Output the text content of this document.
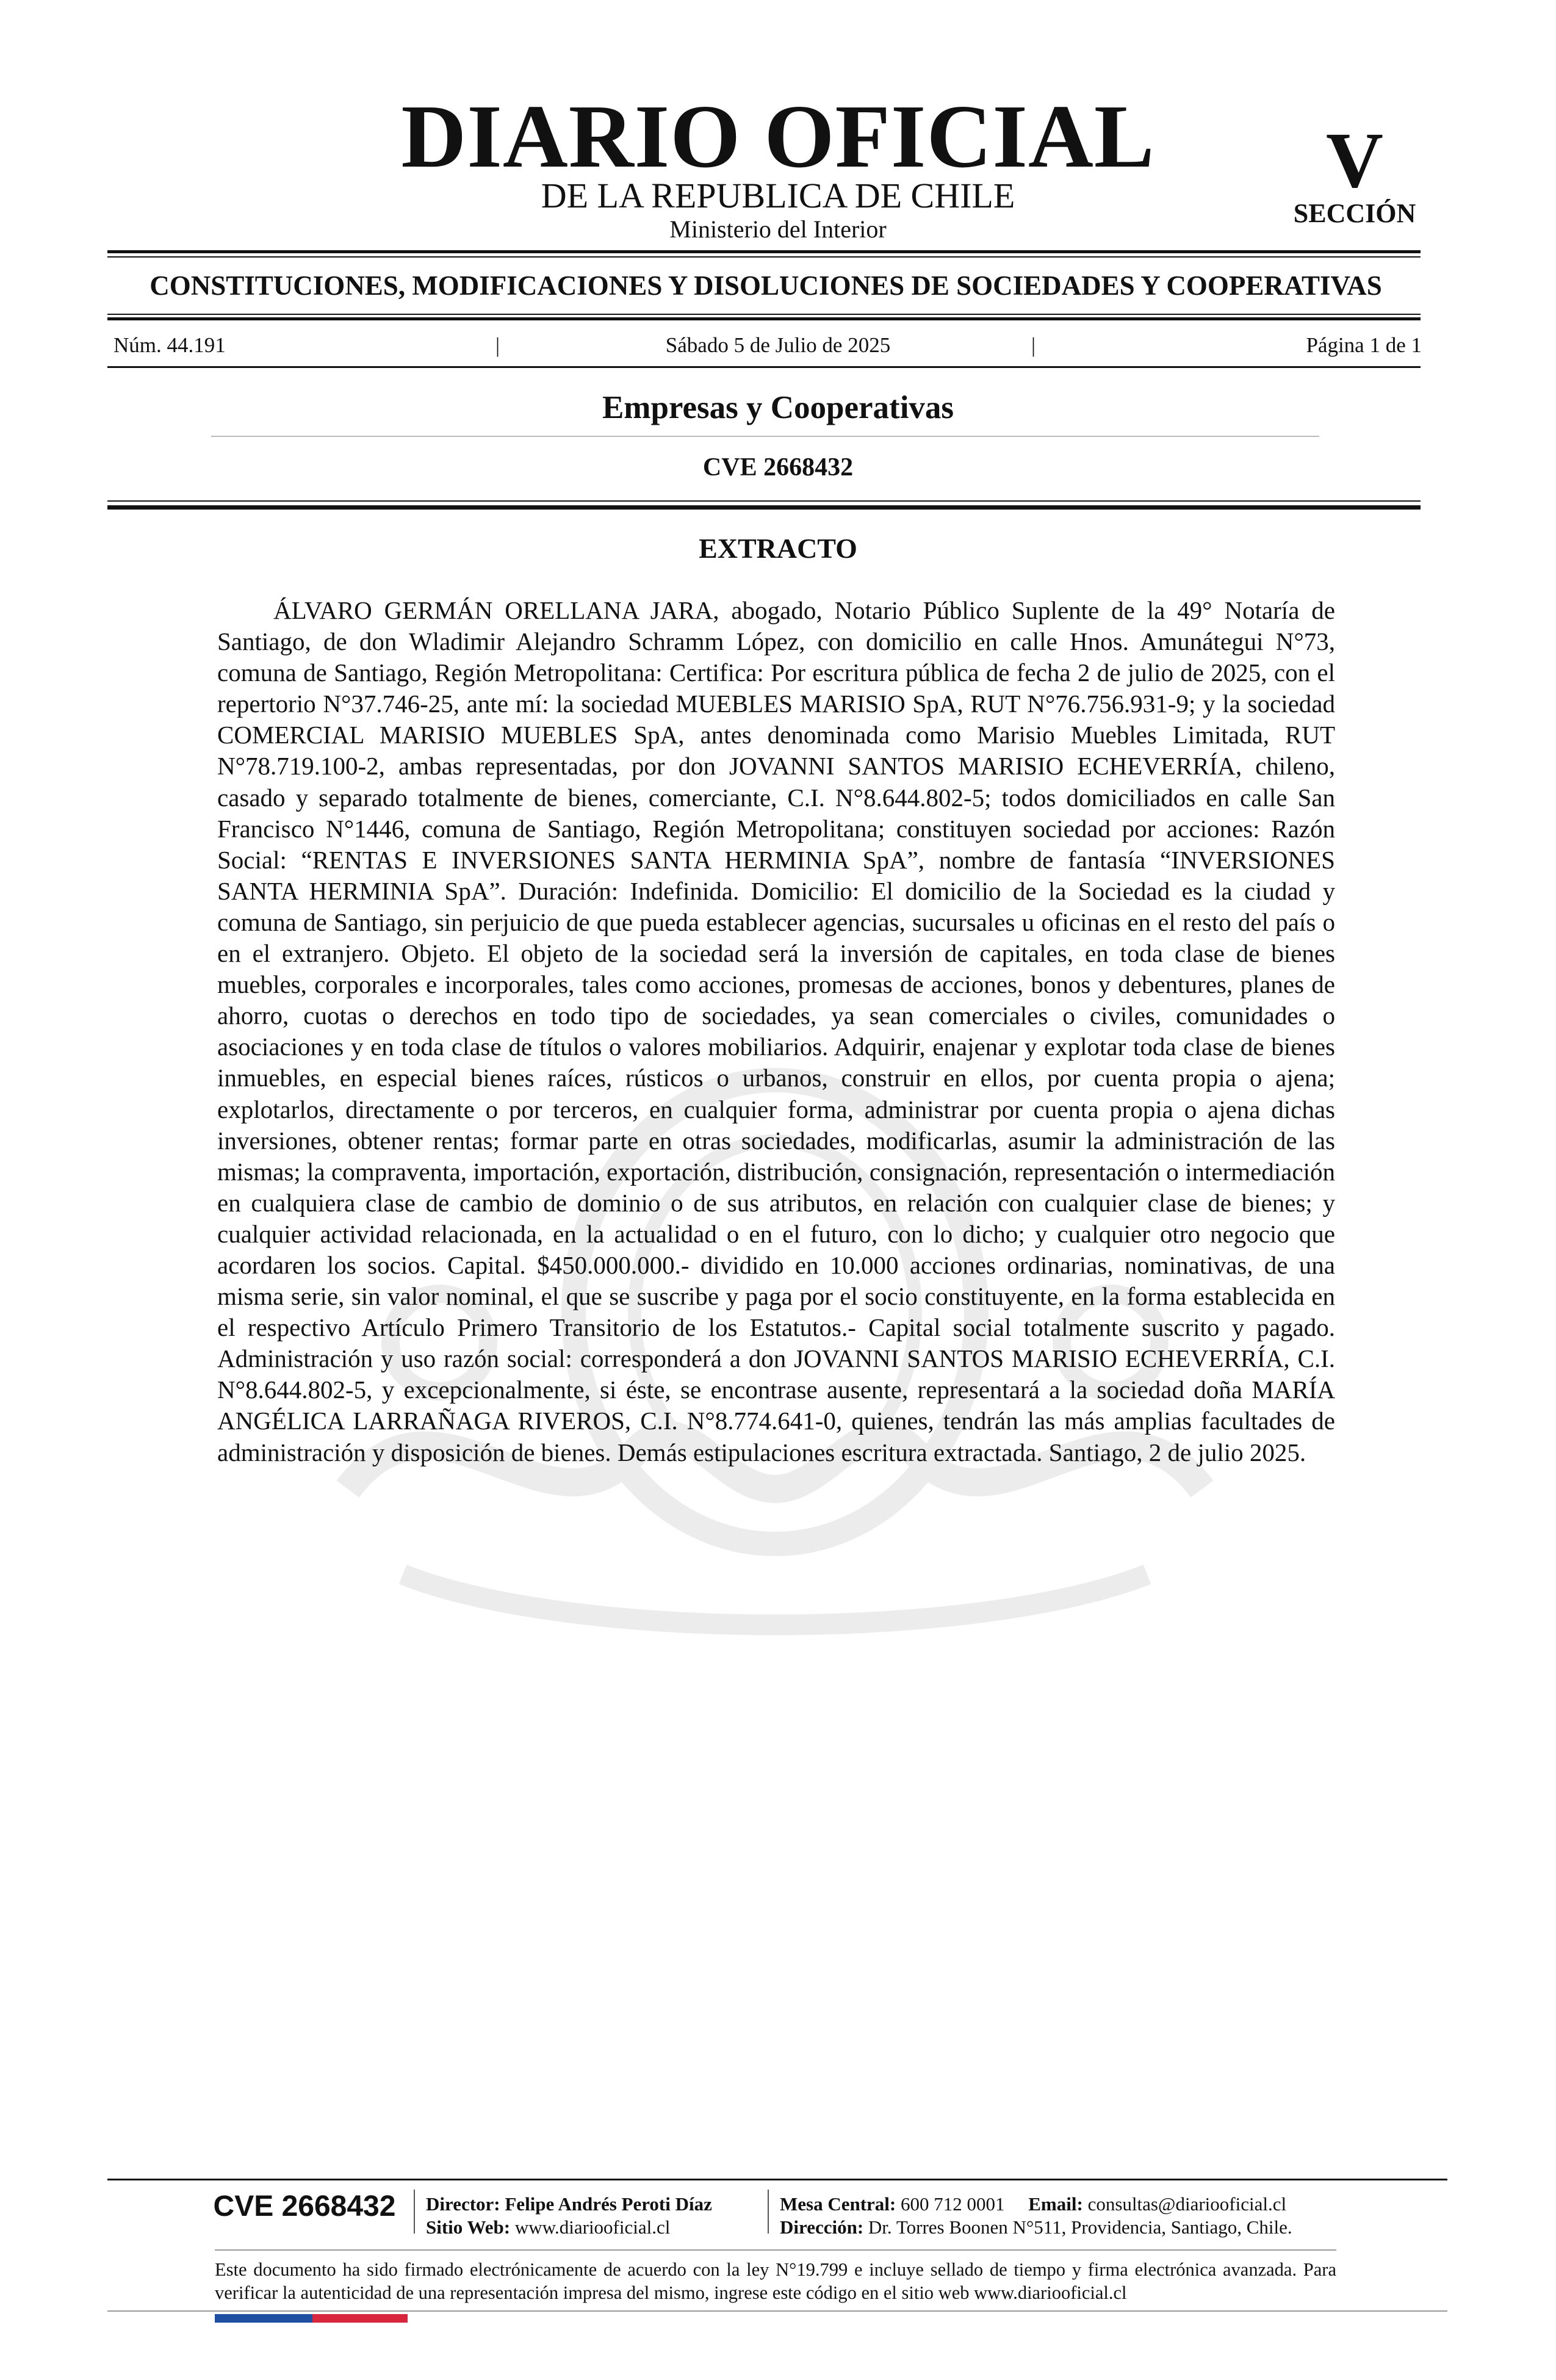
DIARIO OFICIAL
DE LA REPUBLICA DE CHILE
Ministerio del Interior
V
SECCIÓN
CONSTITUCIONES, MODIFICACIONES Y DISOLUCIONES DE SOCIEDADES Y COOPERATIVAS
Núm. 44.191	|	Sábado 5 de Julio de 2025	|	Página 1 de 1
Empresas y Cooperativas
CVE 2668432
EXTRACTO

ÁLVARO GERMÁN ORELLANA JARA, abogado, Notario Público Suplente de la 49° Notaría de Santiago, de don Wladimir Alejandro Schramm López, con domicilio en calle Hnos. Amunátegui N°73, comuna de Santiago, Región Metropolitana: Certifica: Por escritura pública de fecha 2 de julio de 2025, con el repertorio N°37.746-25, ante mí: la sociedad MUEBLES MARISIO SpA, RUT N°76.756.931-9; y la sociedad COMERCIAL MARISIO MUEBLES SpA, antes denominada como Marisio Muebles Limitada, RUT N°78.719.100-2, ambas representadas, por don JOVANNI SANTOS MARISIO ECHEVERRÍA, chileno, casado y separado totalmente de bienes, comerciante, C.I. N°8.644.802-5; todos domiciliados en calle San Francisco N°1446, comuna de Santiago, Región Metropolitana; constituyen sociedad por acciones: Razón Social: “RENTAS E INVERSIONES SANTA HERMINIA SpA”, nombre de fantasía “INVERSIONES SANTA HERMINIA SpA”. Duración: Indefinida. Domicilio: El domicilio de la Sociedad es la ciudad y comuna de Santiago, sin perjuicio de que pueda establecer agencias, sucursales u oficinas en el resto del país o en el extranjero. Objeto. El objeto de la sociedad será la inversión de capitales, en toda clase de bienes muebles, corporales e incorporales, tales como acciones, promesas de acciones, bonos y debentures, planes de ahorro, cuotas o derechos en todo tipo de sociedades, ya sean comerciales o civiles, comunidades o asociaciones y en toda clase de títulos o valores mobiliarios. Adquirir, enajenar y explotar toda clase de bienes inmuebles, en especial bienes raíces, rústicos o urbanos, construir en ellos, por cuenta propia o ajena; explotarlos, directamente o por terceros, en cualquier forma, administrar por cuenta propia o ajena dichas inversiones, obtener rentas; formar parte en otras sociedades, modificarlas, asumir la administración de las mismas; la compraventa, importación, exportación, distribución, consignación, representación o intermediación en cualquiera clase de cambio de dominio o de sus atributos, en relación con cualquier clase de bienes; y cualquier actividad relacionada, en la actualidad o en el futuro, con lo dicho; y cualquier otro negocio que acordaren los socios. Capital. $450.000.000.- dividido en 10.000 acciones ordinarias, nominativas, de una misma serie, sin valor nominal, el que se suscribe y paga por el socio constituyente, en la forma establecida en el respectivo Artículo Primero Transitorio de los Estatutos.- Capital social totalmente suscrito y pagado. Administración y uso razón social: corresponderá a don JOVANNI SANTOS MARISIO ECHEVERRÍA, C.I. N°8.644.802-5, y excepcionalmente, si éste, se encontrase ausente, representará a la sociedad doña MARÍA ANGÉLICA LARRAÑAGA RIVEROS, C.I. N°8.774.641-0, quienes, tendrán las más amplias facultades de administración y disposición de bienes. Demás estipulaciones escritura extractada. Santiago, 2 de julio 2025.

CVE 2668432	Director: Felipe Andrés Peroti Díaz
Sitio Web: www.diariooficial.cl
Mesa Central: 600 712 0001 Email: consultas@diariooficial.cl
Dirección: Dr. Torres Boonen N°511, Providencia, Santiago, Chile.

Este documento ha sido firmado electrónicamente de acuerdo con la ley N°19.799 e incluye sellado de tiempo y firma electrónica avanzada. Para verificar la autenticidad de una representación impresa del mismo, ingrese este código en el sitio web www.diariooficial.cl
